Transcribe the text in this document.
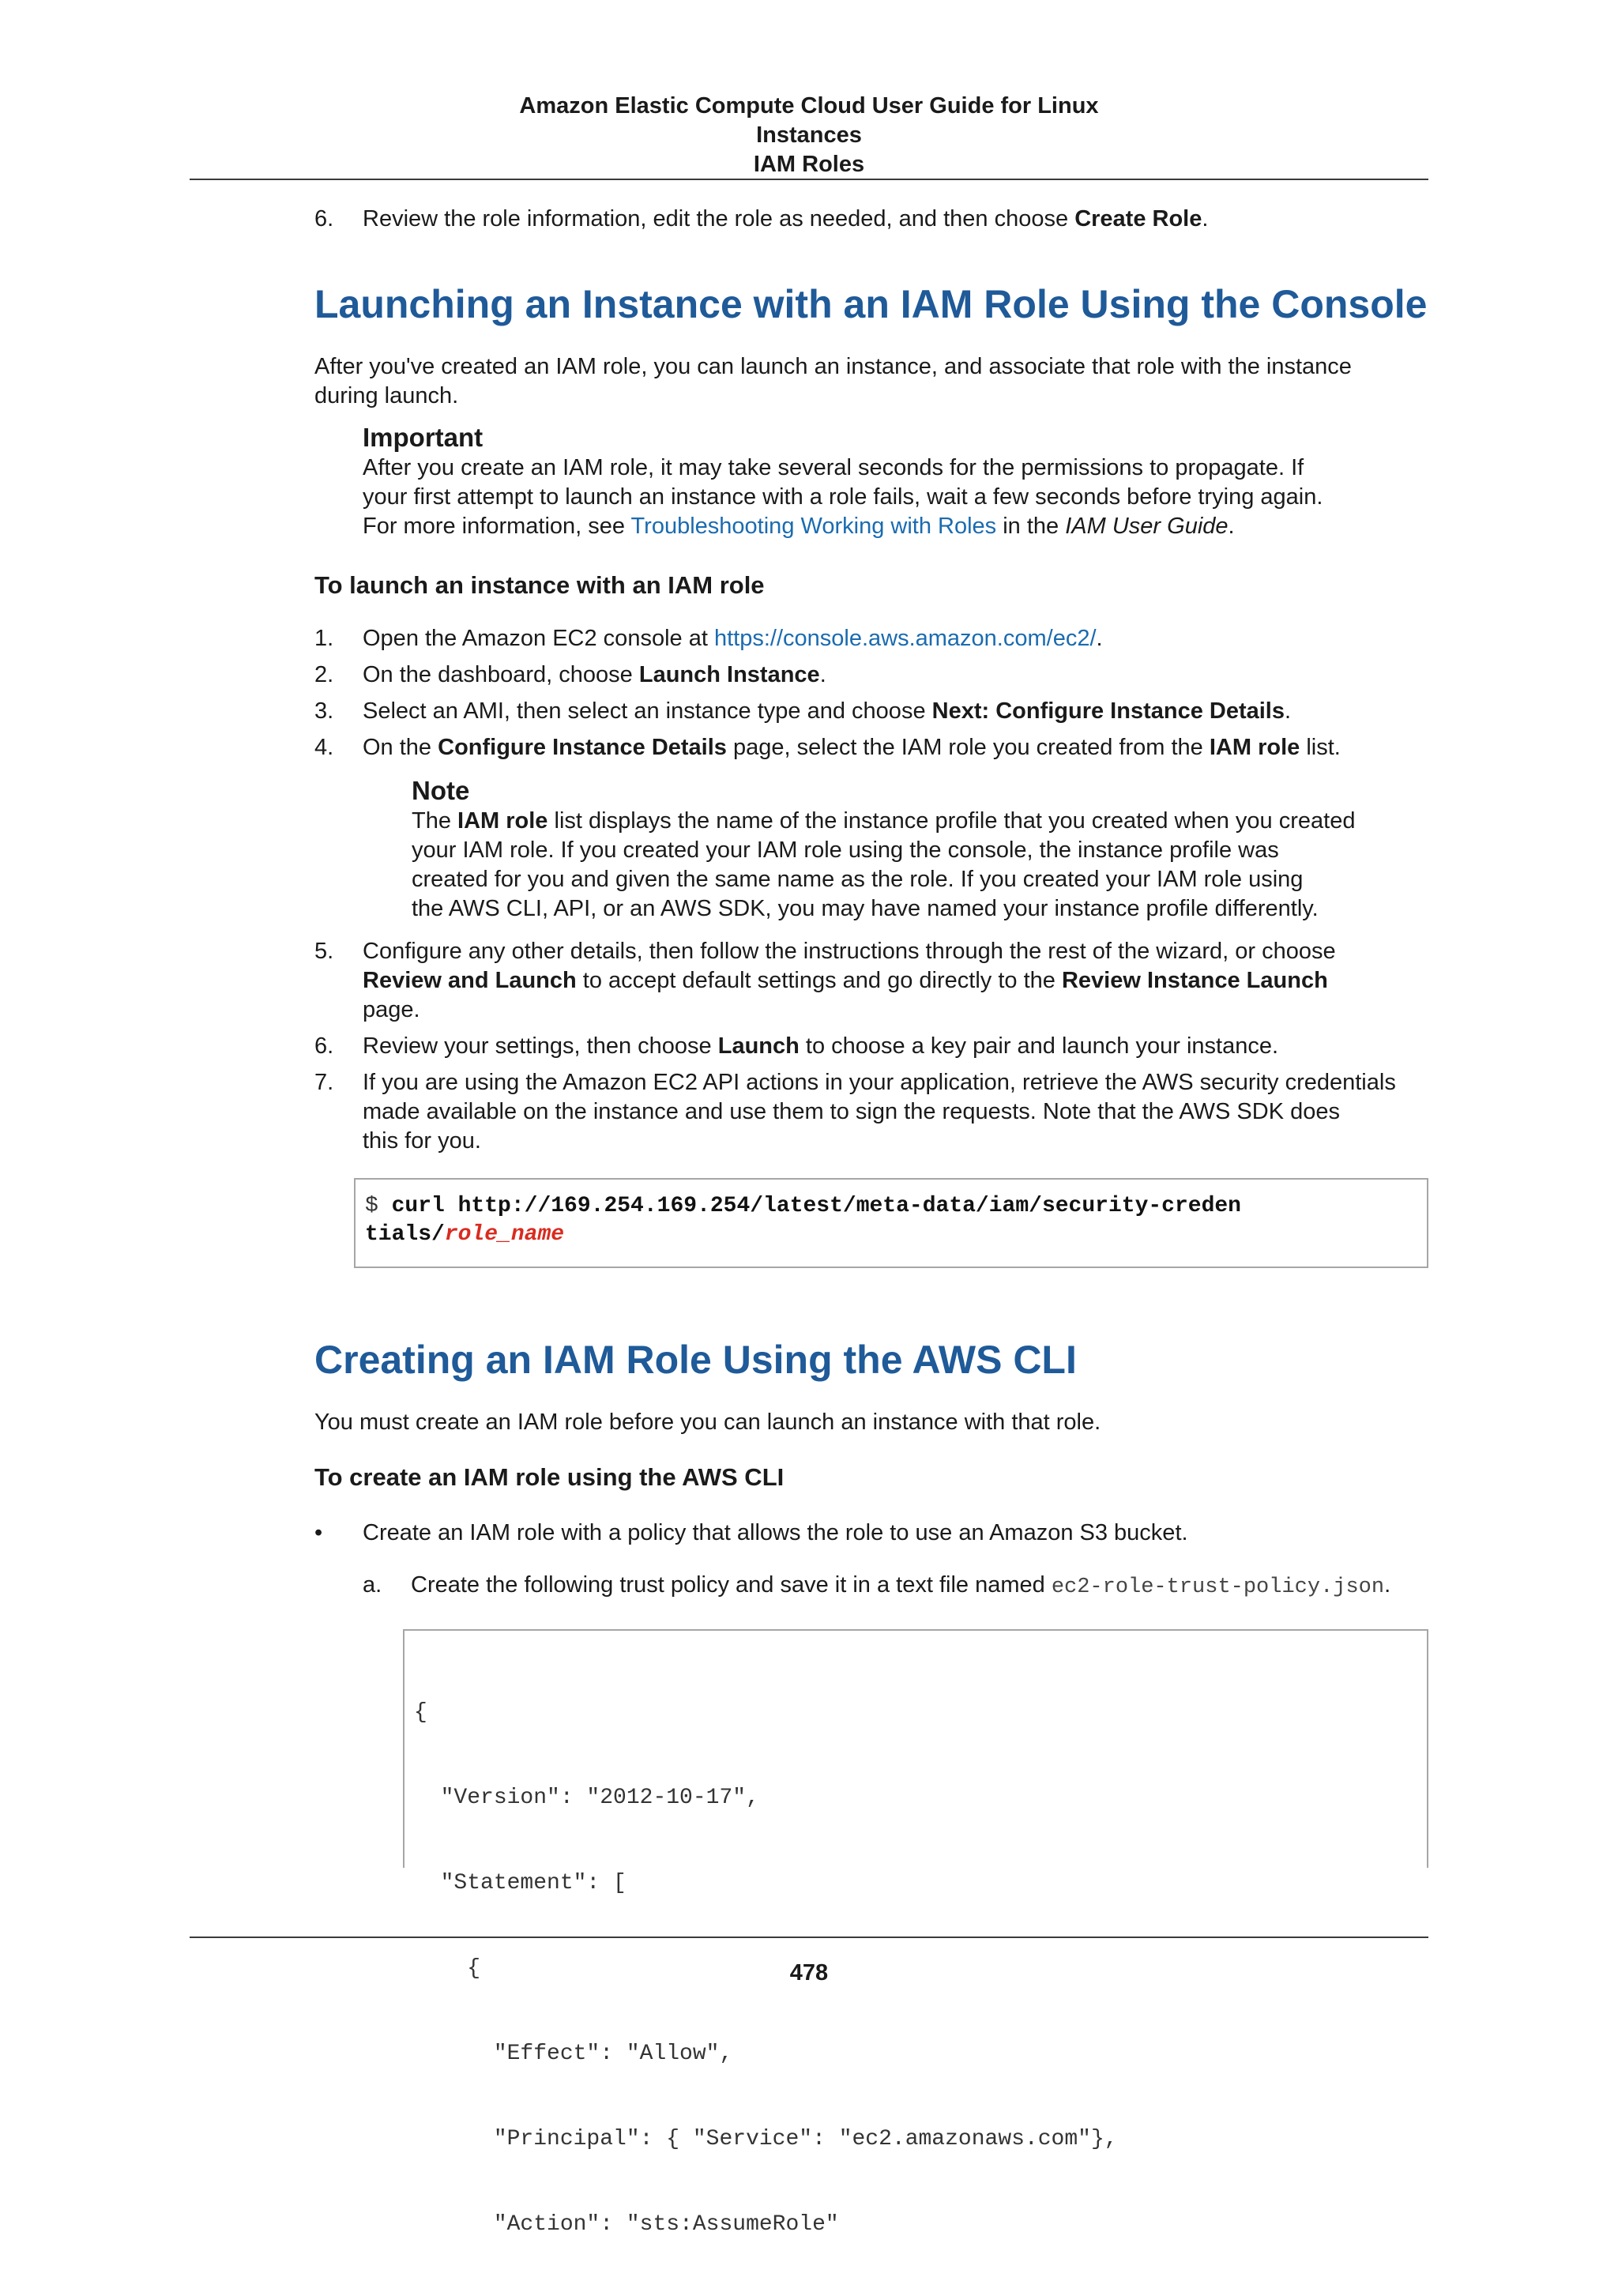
Amazon Elastic Compute Cloud User Guide for Linux
Instances
IAM Roles
6. Review the role information, edit the role as needed, and then choose Create Role.
Launching an Instance with an IAM Role Using the Console
After you've created an IAM role, you can launch an instance, and associate that role with the instance
during launch.
Important
After you create an IAM role, it may take several seconds for the permissions to propagate. If
your first attempt to launch an instance with a role fails, wait a few seconds before trying again.
For more information, see Troubleshooting Working with Roles in the IAM User Guide.
To launch an instance with an IAM role
1. Open the Amazon EC2 console at https://console.aws.amazon.com/ec2/.
2. On the dashboard, choose Launch Instance.
3. Select an AMI, then select an instance type and choose Next: Configure Instance Details.
4. On the Configure Instance Details page, select the IAM role you created from the IAM role list.
Note
The IAM role list displays the name of the instance profile that you created when you created
your IAM role. If you created your IAM role using the console, the instance profile was
created for you and given the same name as the role. If you created your IAM role using
the AWS CLI, API, or an AWS SDK, you may have named your instance profile differently.
5. Configure any other details, then follow the instructions through the rest of the wizard, or choose
Review and Launch to accept default settings and go directly to the Review Instance Launch
page.
6. Review your settings, then choose Launch to choose a key pair and launch your instance.
7. If you are using the Amazon EC2 API actions in your application, retrieve the AWS security credentials
made available on the instance and use them to sign the requests. Note that the AWS SDK does
this for you.
$ curl http://169.254.169.254/latest/meta-data/iam/security-creden
tials/role_name
Creating an IAM Role Using the AWS CLI
You must create an IAM role before you can launch an instance with that role.
To create an IAM role using the AWS CLI
• Create an IAM role with a policy that allows the role to use an Amazon S3 bucket.
a. Create the following trust policy and save it in a text file named ec2-role-trust-policy.json.

{

"Version": "2012-10-17",

"Statement": [

{

"Effect": "Allow",

"Principal": { "Service": "ec2.amazonaws.com"},

"Action": "sts:AssumeRole"

478
